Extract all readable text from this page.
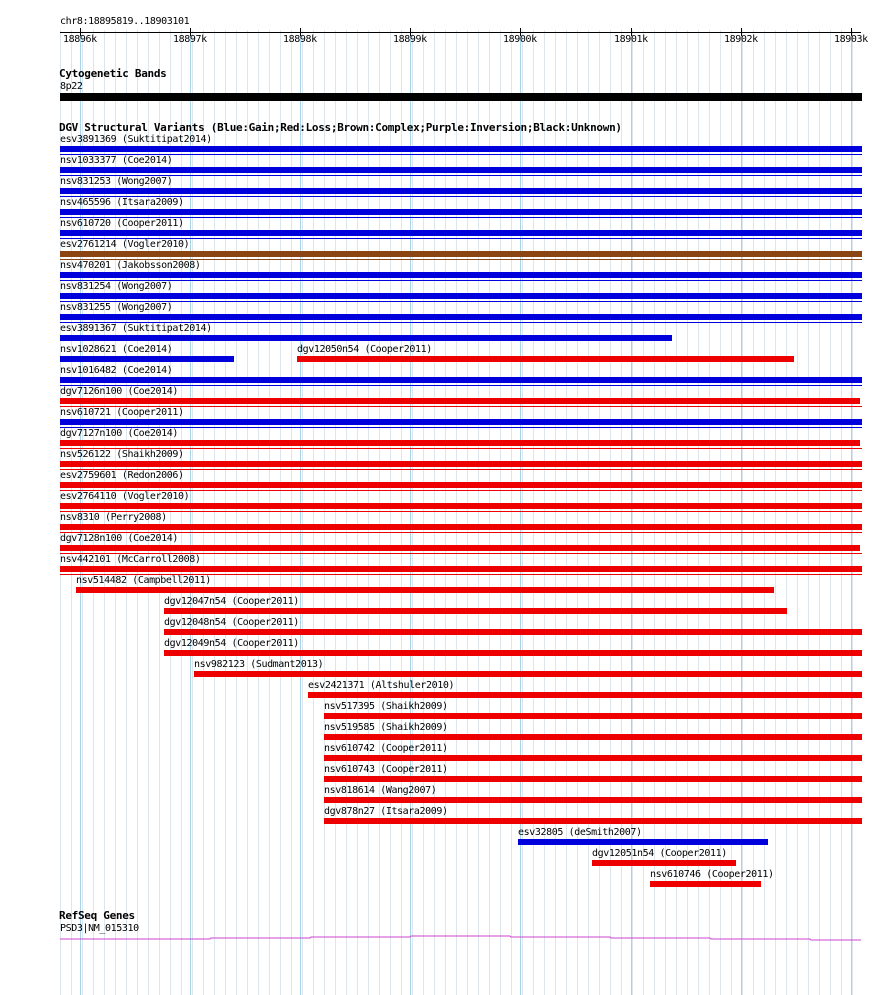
chr8:18895819..18903101
18896k	18897k	18898k	18899k	18900k	18901k	18902k	18903k
Cytogenetic Bands
8p22
DGV Structural Variants (Blue:Gain;Red:Loss;Brown:Complex;Purple:Inversion;Black:Unknown)
esv3891369 (Suktitipat2014)
nsv1033377 (Coe2014)
nsv831253 (Wong2007)
nsv465596 (Itsara2009)
nsv610720 (Cooper2011)
esv2761214 (Vogler2010)
nsv470201 (Jakobsson2008)
nsv831254 (Wong2007)
nsv831255 (Wong2007)
esv3891367 (Suktitipat2014)
nsv1028621 (Coe2014)	dgv12050n54 (Cooper2011)
nsv1016482 (Coe2014)
dgv7126n100 (Coe2014)
nsv610721 (Cooper2011)
dgv7127n100 (Coe2014)
nsv526122 (Shaikh2009)
esv2759601 (Redon2006)
esv2764110 (Vogler2010)
nsv8310 (Perry2008)
dgv7128n100 (Coe2014)
nsv442101 (McCarroll2008)
nsv514482 (Campbell2011)
dgv12047n54 (Cooper2011)
dgv12048n54 (Cooper2011)
dgv12049n54 (Cooper2011)
nsv982123 (Sudmant2013)
esv2421371 (Altshuler2010)
nsv517395 (Shaikh2009)
nsv519585 (Shaikh2009)
nsv610742 (Cooper2011)
nsv610743 (Cooper2011)
nsv818614 (Wang2007)
dgv878n27 (Itsara2009)
esv32805 (deSmith2007)
dgv12051n54 (Cooper2011)
nsv610746 (Cooper2011)
RefSeq Genes
PSD3|NM_015310
